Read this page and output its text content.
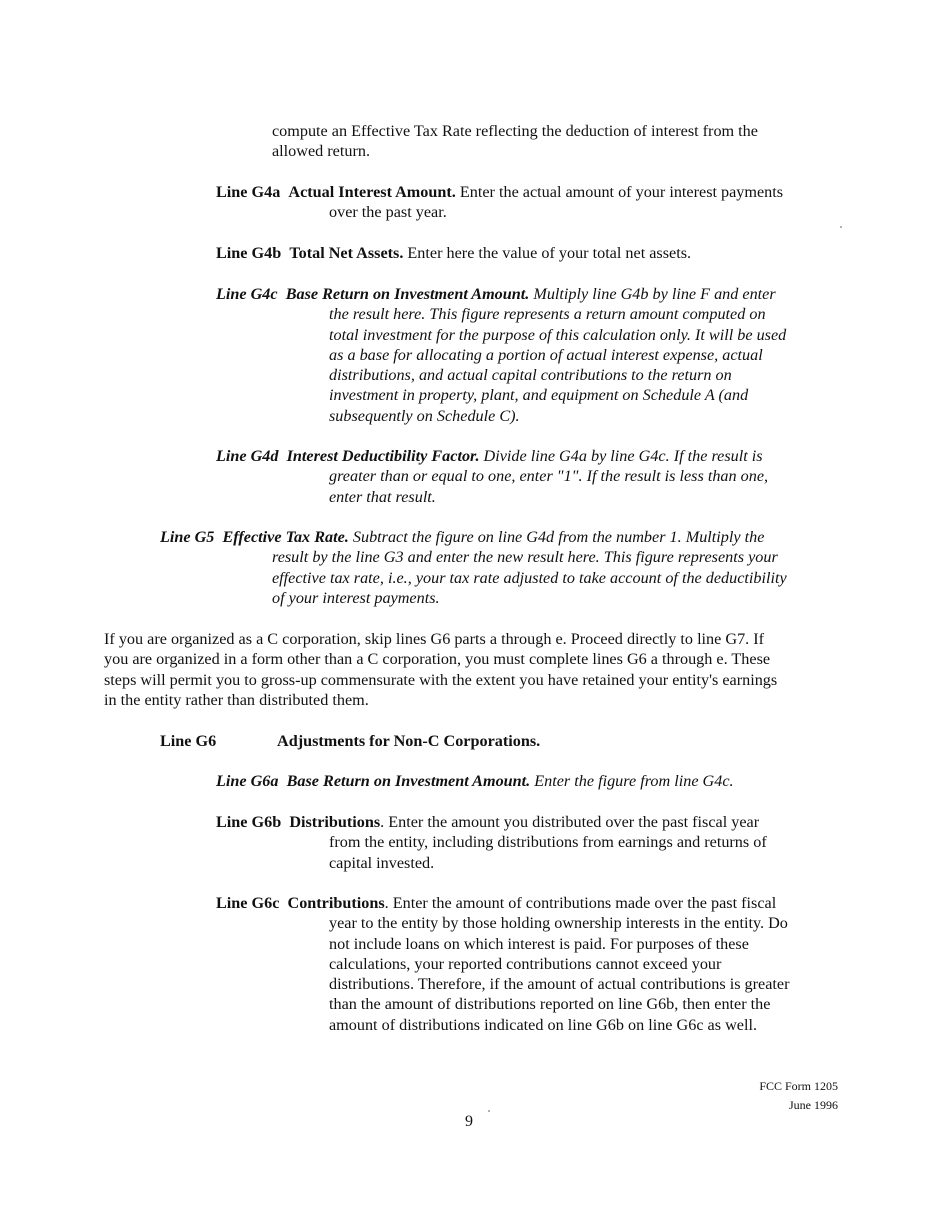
compute an Effective Tax Rate reflecting the deduction of interest from the
allowed return.
Line G4a Actual Interest Amount. Enter the actual amount of your interest payments
over the past year.
Line G4b Total Net Assets. Enter here the value of your total net assets.
Line G4c Base Return on Investment Amount. Multiply line G4b by line F and enter
the result here. This figure represents a return amount computed on
total investment for the purpose of this calculation only. It will be used
as a base for allocating a portion of actual interest expense, actual
distributions, and actual capital contributions to the return on
investment in property, plant, and equipment on Schedule A (and
subsequently on Schedule C).
Line G4d Interest Deductibility Factor. Divide line G4a by line G4c. If the result is
greater than or equal to one, enter "1". If the result is less than one,
enter that result.
Line G5 Effective Tax Rate. Subtract the figure on line G4d from the number 1. Multiply the
result by the line G3 and enter the new result here. This figure represents your
effective tax rate, i.e., your tax rate adjusted to take account of the deductibility
of your interest payments.
If you are organized as a C corporation, skip lines G6 parts a through e. Proceed directly to line G7. If
you are organized in a form other than a C corporation, you must complete lines G6 a through e. These
steps will permit you to gross-up commensurate with the extent you have retained your entity's earnings
in the entity rather than distributed them.
Line G6	Adjustments for Non-C Corporations.
Line G6a Base Return on Investment Amount. Enter the figure from line G4c.
Line G6b Distributions. Enter the amount you distributed over the past fiscal year
from the entity, including distributions from earnings and returns of
capital invested.
Line G6c Contributions. Enter the amount of contributions made over the past fiscal
year to the entity by those holding ownership interests in the entity. Do
not include loans on which interest is paid. For purposes of these
calculations, your reported contributions cannot exceed your
distributions. Therefore, if the amount of actual contributions is greater
than the amount of distributions reported on line G6b, then enter the
amount of distributions indicated on line G6b on line G6c as well.
FCC Form 1205
June 1996
9
